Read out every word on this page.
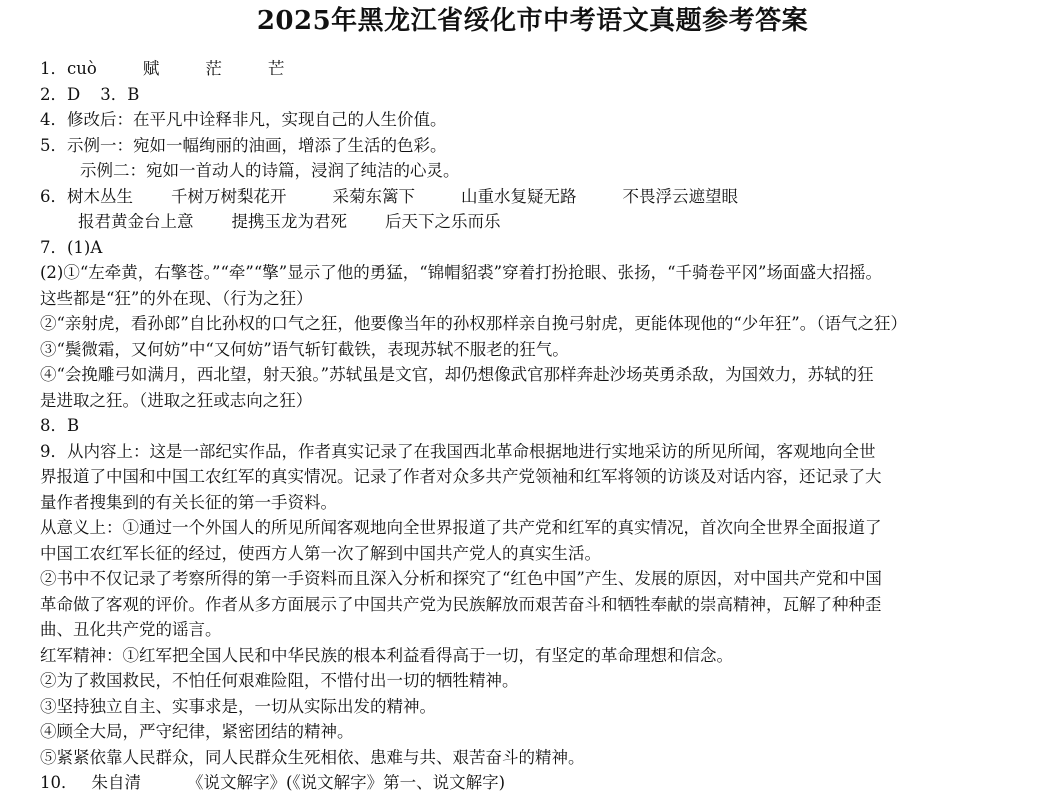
2025年黑龙江省绥化市中考语文真题参考答案
1．cuò	赋	茫	芒
2．D 3．B
4．修改后：在平凡中诠释非凡，实现自己的人生价值。
5．示例一：宛如一幅绚丽的油画，增添了生活的色彩。
示例二：宛如一首动人的诗篇，浸润了纯洁的心灵。
6．树木丛生 千树万树梨花开	采菊东篱下	山重水复疑无路	不畏浮云遮望眼
报君黄金台上意 提携玉龙为君死 后天下之乐而乐
7．(1)A
(2)①“左牵黄，右擎苍。”“牵”“擎”显示了他的勇猛，“锦帽貂裘”穿着打扮抢眼、张扬，“千骑卷平冈”场面盛大招摇。
这些都是“狂”的外在现、（行为之狂）
②“亲射虎，看孙郎”自比孙权的口气之狂，他要像当年的孙权那样亲自挽弓射虎，更能体现他的“少年狂”。（语气之狂）
③“鬓微霜，又何妨”中“又何妨”语气斩钉截铁，表现苏轼不服老的狂气。
④“会挽雕弓如满月，西北望，射天狼。”苏轼虽是文官，却仍想像武官那样奔赴沙场英勇杀敌，为国效力，苏轼的狂
是进取之狂。（进取之狂或志向之狂）
8．B
9．从内容上：这是一部纪实作品，作者真实记录了在我国西北革命根据地进行实地采访的所见所闻，客观地向全世
界报道了中国和中国工农红军的真实情况。记录了作者对众多共产党领袖和红军将领的访谈及对话内容，还记录了大
量作者搜集到的有关长征的第一手资料。
从意义上：①通过一个外国人的所见所闻客观地向全世界报道了共产党和红军的真实情况，首次向全世界全面报道了
中国工农红军长征的经过，使西方人第一次了解到中国共产党人的真实生活。
②书中不仅记录了考察所得的第一手资料而且深入分析和探究了“红色中国”产生、发展的原因，对中国共产党和中国
革命做了客观的评价。作者从多方面展示了中国共产党为民族解放而艰苦奋斗和牺牲奉献的崇高精神，瓦解了种种歪
曲、丑化共产党的谣言。
红军精神：①红军把全国人民和中华民族的根本利益看得高于一切，有坚定的革命理想和信念。
②为了救国救民，不怕任何艰难险阻，不惜付出一切的牺牲精神。
③坚持独立自主、实事求是，一切从实际出发的精神。
④顾全大局，严守纪律，紧密团结的精神。
⑤紧紧依靠人民群众，同人民群众生死相依、患难与共、艰苦奋斗的精神。
10． 朱自清	《说文解字》(《说文解字》第一、说文解字)
